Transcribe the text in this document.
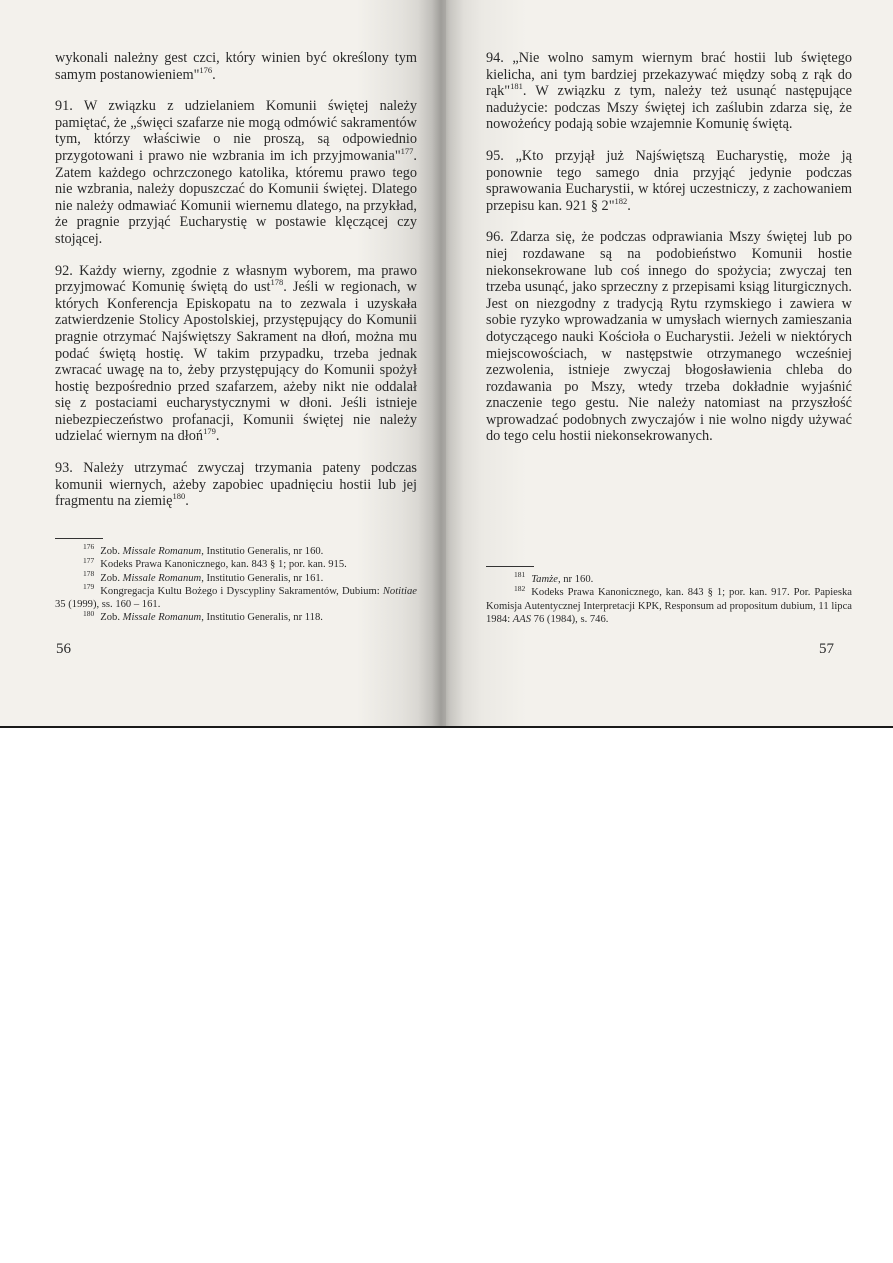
wykonali należny gest czci, który winien być określony tym samym postanowieniem"$^{176}$.

91. W związku z udzielaniem Komunii świętej należy pamiętać, że „święci szafarze nie mogą odmówić sakramentów tym, którzy właściwie o nie proszą, są odpowiednio przygotowani i prawo nie wzbrania im ich przyjmowania"$^{177}$. Zatem każdego ochrzczonego katolika, któremu prawo tego nie wzbrania, należy dopuszczać do Komunii świętej. Dlatego nie należy odmawiać Komunii wiernemu dlatego, na przykład, że pragnie przyjąć Eucharystię w postawie klęczącej czy stojącej.

92. Każdy wierny, zgodnie z własnym wyborem, ma prawo przyjmować Komunię świętą do ust$^{178}$. Jeśli w regionach, w których Konferencja Episkopatu na to zezwala i uzyskała zatwierdzenie Stolicy Apostolskiej, przystępujący do Komunii pragnie otrzymać Najświętszy Sakrament na dłoń, można mu podać świętą hostię. W takim przypadku, trzeba jednak zwracać uwagę na to, żeby przystępujący do Komunii spożył hostię bezpośrednio przed szafarzem, ażeby nikt nie oddalał się z postaciami eucharystycznymi w dłoni. Jeśli istnieje niebezpieczeństwo profanacji, Komunii świętej nie należy udzielać wiernym na dłoń$^{179}$.

93. Należy utrzymać zwyczaj trzymania pateny podczas komunii wiernych, ażeby zapobiec upadnięciu hostii lub jej fragmentu na ziemię$^{180}$.

$^{176}$ Zob. Missale Romanum, Institutio Generalis, nr 160.

$^{177}$ Kodeks Prawa Kanonicznego, kan. 843 § 1; por. kan. 915.

$^{178}$ Zob. Missale Romanum, Institutio Generalis, nr 161.

$^{179}$ Kongregacja Kultu Bożego i Dyscypliny Sakramentów, Dubium: Notitiae 35 (1999), ss. 160 – 161.

$^{180}$ Zob. Missale Romanum, Institutio Generalis, nr 118.

56

94. „Nie wolno samym wiernym brać hostii lub świętego kielicha, ani tym bardziej przekazywać między sobą z rąk do rąk"$^{181}$. W związku z tym, należy też usunąć następujące nadużycie: podczas Mszy świętej ich zaślubin zdarza się, że nowożeńcy podają sobie wzajemnie Komunię świętą.

95. „Kto przyjął już Najświętszą Eucharystię, może ją ponownie tego samego dnia przyjąć jedynie podczas sprawowania Eucharystii, w której uczestniczy, z zachowaniem przepisu kan. 921 § 2"$^{182}$.

96. Zdarza się, że podczas odprawiania Mszy świętej lub po niej rozdawane są na podobieństwo Komunii hostie niekonsekrowane lub coś innego do spożycia; zwyczaj ten trzeba usunąć, jako sprzeczny z przepisami ksiąg liturgicznych. Jest on niezgodny z tradycją Rytu rzymskiego i zawiera w sobie ryzyko wprowadzania w umysłach wiernych zamieszania dotyczącego nauki Kościoła o Eucharystii. Jeżeli w niektórych miejscowościach, w następstwie otrzymanego wcześniej zezwolenia, istnieje zwyczaj błogosławienia chleba do rozdawania po Mszy, wtedy trzeba dokładnie wyjaśnić znaczenie tego gestu. Nie należy natomiast na przyszłość wprowadzać podobnych zwyczajów i nie wolno nigdy używać do tego celu hostii niekonsekrowanych.

$^{181}$ Tamże, nr 160.

$^{182}$ Kodeks Prawa Kanonicznego, kan. 843 § 1; por. kan. 917. Por. Papieska Komisja Autentycznej Interpretacji KPK, Responsum ad propositum dubium, 11 lipca 1984: AAS 76 (1984), s. 746.

57
